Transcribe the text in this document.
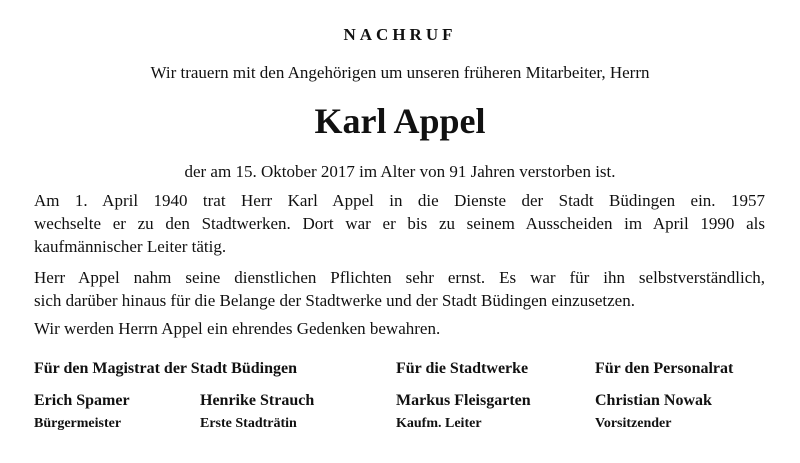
NACHRUF
Wir trauern mit den Angehörigen um unseren früheren Mitarbeiter, Herrn
Karl Appel
der am 15. Oktober 2017 im Alter von 91 Jahren verstorben ist.
Am 1. April 1940 trat Herr Karl Appel in die Dienste der Stadt Büdingen ein. 1957
wechselte er zu den Stadtwerken. Dort war er bis zu seinem Ausscheiden im April 1990 als
kaufmännischer Leiter tätig.
Herr Appel nahm seine dienstlichen Pflichten sehr ernst. Es war für ihn selbstverständlich,
sich darüber hinaus für die Belange der Stadtwerke und der Stadt Büdingen einzusetzen.
Wir werden Herrn Appel ein ehrendes Gedenken bewahren.
Für den Magistrat der Stadt Büdingen	Für die Stadtwerke	Für den Personalrat
Erich Spamer
Bürgermeister
Henrike Strauch
Erste Stadträtin
Markus Fleisgarten
Kaufm. Leiter
Christian Nowak
Vorsitzender
